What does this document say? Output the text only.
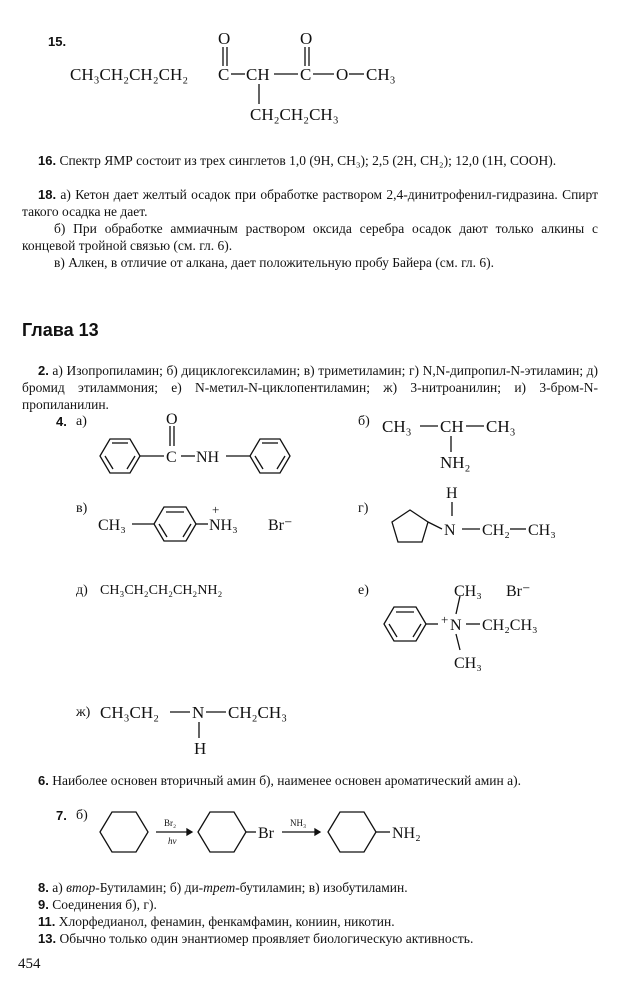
15.
CH₃CH₂CH₂CH₂ C
O
CH C
O
O CH₃
CH₂CH₂CH₃
16. Спектр ЯМР состоит из трех синглетов 1,0 (9H, CH₃); 2,5 (2H, CH₂); 12,0 (1H, COOH).
18. а) Кетон дает желтый осадок при обработке раствором 2,4-динитрофенил-гидразина. Спирт такого осадка не дает.
б) При обработке аммиачным раствором оксида серебра осадок дают только алкины с концевой тройной связью (см. гл. 6).
в) Алкен, в отличие от алкана, дает положительную пробу Байера (см. гл. 6).
Глава 13
2. а) Изопропиламин; б) дициклогексиламин; в) триметиламин; г) N,N-дипропил-N-этиламин; д) бромид этиламмония; е) N-метил-N-циклопентиламин; ж) 3-нитроанилин; и) 3-бром-N-пропиланилин.
4. а)	б)
в)	г)
д)	е)
ж)
O
C NH
CH₃ CH CH₃
NH₂
CH₃	NH₃
+
Br⁻
H
N CH₂ CH₃
CH₃CH₂CH₂CH₂NH₂	CH₃ Br⁻
N
+ CH₂CH₃
CH₃
CH₃CH₂ N CH₂CH₃
H
6. Наиболее основен вторичный амин б), наименее основен ароматический амин а).
7. б)	Br₂
hν	Br
NH₃
NH₂
8. а) втор-Бутиламин; б) ди-трет-бутиламин; в) изобутиламин.
9. Соединения б), г).
11. Хлорфедианол, фенамин, фенкамфамин, кониин, никотин.
13. Обычно только один энантиомер проявляет биологическую активность.
454
